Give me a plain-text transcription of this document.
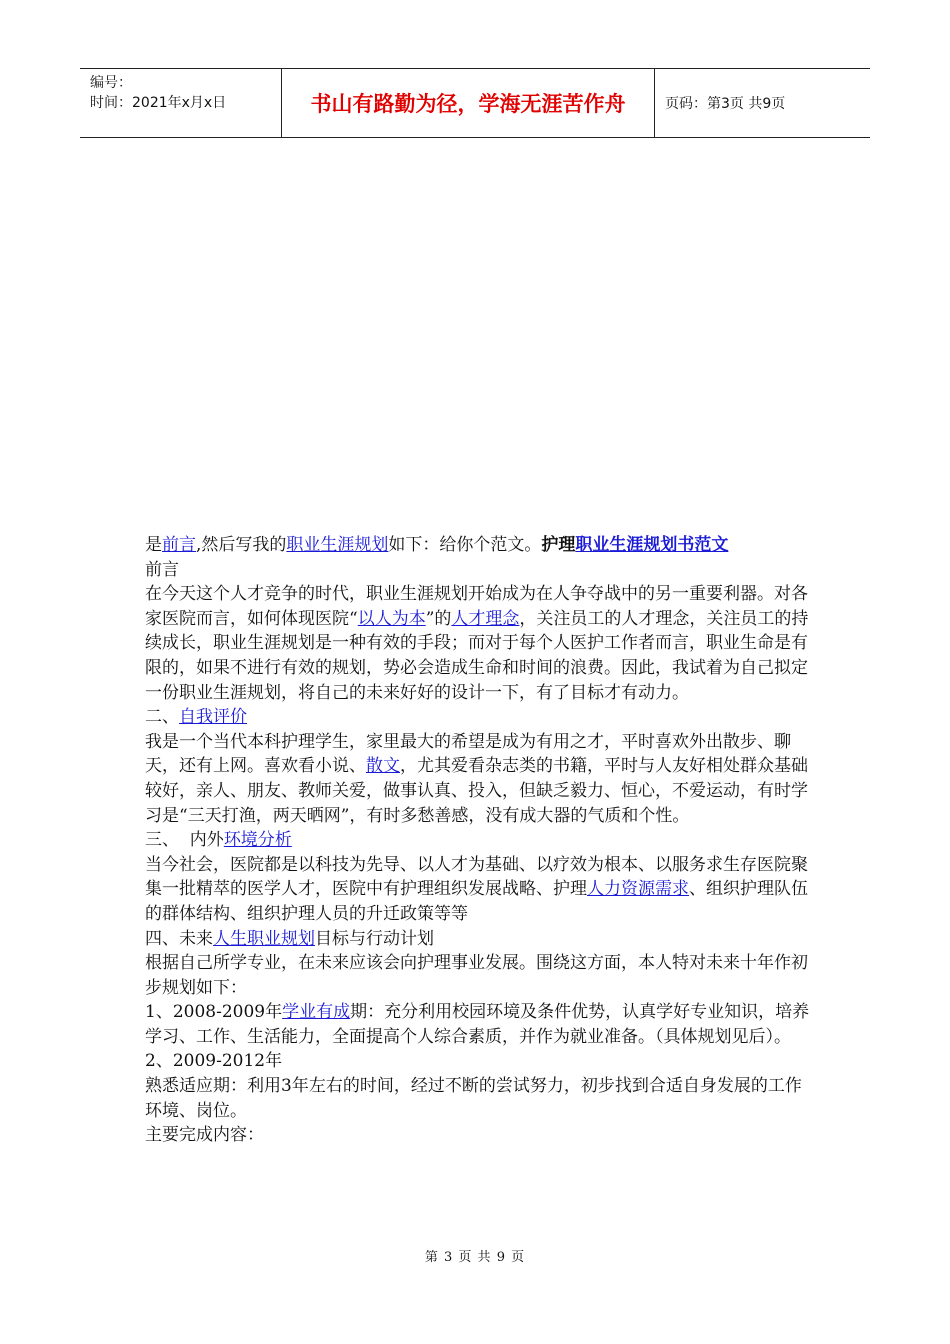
编号：
时间：2021年x月x日	书山有路勤为径，学海无涯苦作舟	页码：第3页 共9页

是前言,然后写我的职业生涯规划如下：给你个范文。护理职业生涯规划书范文

前言

在今天这个人才竞争的时代，职业生涯规划开始成为在人争夺战中的另一重要利器。对各家医院而言，如何体现医院“以人为本”的人才理念，关注员工的人才理念，关注员工的持续成长，职业生涯规划是一种有效的手段；而对于每个人医护工作者而言，职业生命是有限的，如果不进行有效的规划，势必会造成生命和时间的浪费。因此，我试着为自己拟定一份职业生涯规划，将自己的未来好好的设计一下，有了目标才有动力。

二、自我评价

我是一个当代本科护理学生，家里最大的希望是成为有用之才，平时喜欢外出散步、聊天，还有上网。喜欢看小说、散文，尤其爱看杂志类的书籍，平时与人友好相处群众基础较好，亲人、朋友、教师关爱，做事认真、投入，但缺乏毅力、恒心，不爱运动，有时学习是“三天打渔，两天晒网”，有时多愁善感，没有成大器的气质和个性。

三、  内外环境分析

当今社会，医院都是以科技为先导、以人才为基础、以疗效为根本、以服务求生存医院聚集一批精萃的医学人才，医院中有护理组织发展战略、护理人力资源需求、组织护理队伍的群体结构、组织护理人员的升迁政策等等

四、未来人生职业规划目标与行动计划

根据自己所学专业，在未来应该会向护理事业发展。围绕这方面，本人特对未来十年作初步规划如下：

1、2008-2009年学业有成期：充分利用校园环境及条件优势，认真学好专业知识，培养学习、工作、生活能力，全面提高个人综合素质，并作为就业准备。（具体规划见后）。

2、2009-2012年

熟悉适应期：利用3年左右的时间，经过不断的尝试努力，初步找到合适自身发展的工作环境、岗位。

主要完成内容：

第 3 页 共 9 页
